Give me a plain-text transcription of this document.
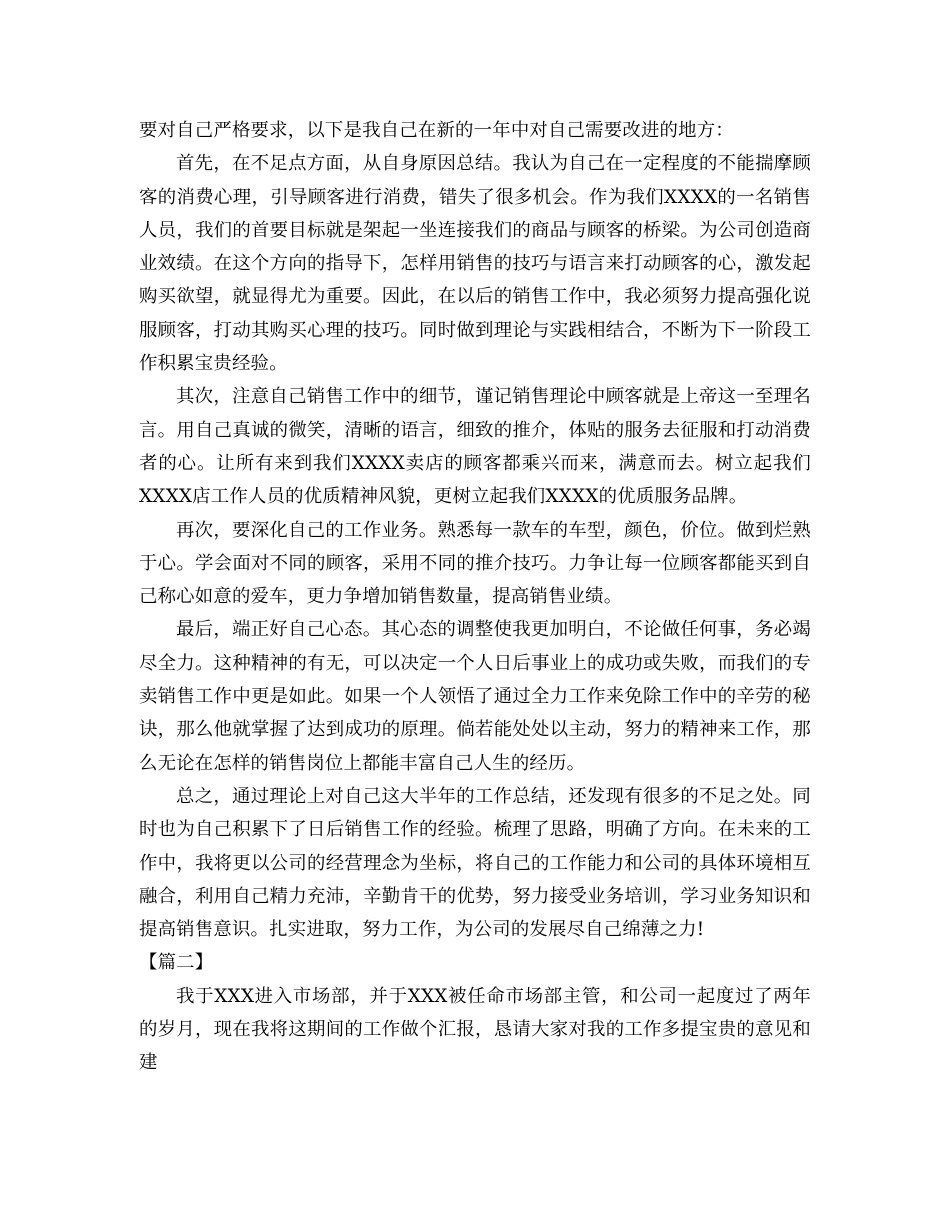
要对自己严格要求，以下是我自己在新的一年中对自己需要改进的地方：

首先，在不足点方面，从自身原因总结。我认为自己在一定程度的不能揣摩顾客的消费心理，引导顾客进行消费，错失了很多机会。作为我们XXXX的一名销售人员，我们的首要目标就是架起一坐连接我们的商品与顾客的桥梁。为公司创造商业效绩。在这个方向的指导下，怎样用销售的技巧与语言来打动顾客的心，激发起购买欲望，就显得尤为重要。因此，在以后的销售工作中，我必须努力提高强化说服顾客，打动其购买心理的技巧。同时做到理论与实践相结合，不断为下一阶段工作积累宝贵经验。

其次，注意自己销售工作中的细节，谨记销售理论中顾客就是上帝这一至理名言。用自己真诚的微笑，清晰的语言，细致的推介，体贴的服务去征服和打动消费者的心。让所有来到我们XXXX卖店的顾客都乘兴而来，满意而去。树立起我们XXXX店工作人员的优质精神风貌，更树立起我们XXXX的优质服务品牌。

再次，要深化自己的工作业务。熟悉每一款车的车型，颜色，价位。做到烂熟于心。学会面对不同的顾客，采用不同的推介技巧。力争让每一位顾客都能买到自己称心如意的爱车，更力争增加销售数量，提高销售业绩。

最后，端正好自己心态。其心态的调整使我更加明白，不论做任何事，务必竭尽全力。这种精神的有无，可以决定一个人日后事业上的成功或失败，而我们的专卖销售工作中更是如此。如果一个人领悟了通过全力工作来免除工作中的辛劳的秘诀，那么他就掌握了达到成功的原理。倘若能处处以主动，努力的精神来工作，那么无论在怎样的销售岗位上都能丰富自己人生的经历。

总之，通过理论上对自己这大半年的工作总结，还发现有很多的不足之处。同时也为自己积累下了日后销售工作的经验。梳理了思路，明确了方向。在未来的工作中，我将更以公司的经营理念为坐标，将自己的工作能力和公司的具体环境相互融合，利用自己精力充沛，辛勤肯干的优势，努力接受业务培训，学习业务知识和提高销售意识。扎实进取，努力工作，为公司的发展尽自己绵薄之力!

【篇二】

我于XXX进入市场部，并于XXX被任命市场部主管，和公司一起度过了两年的岁月，现在我将这期间的工作做个汇报，恳请大家对我的工作多提宝贵的意见和建
